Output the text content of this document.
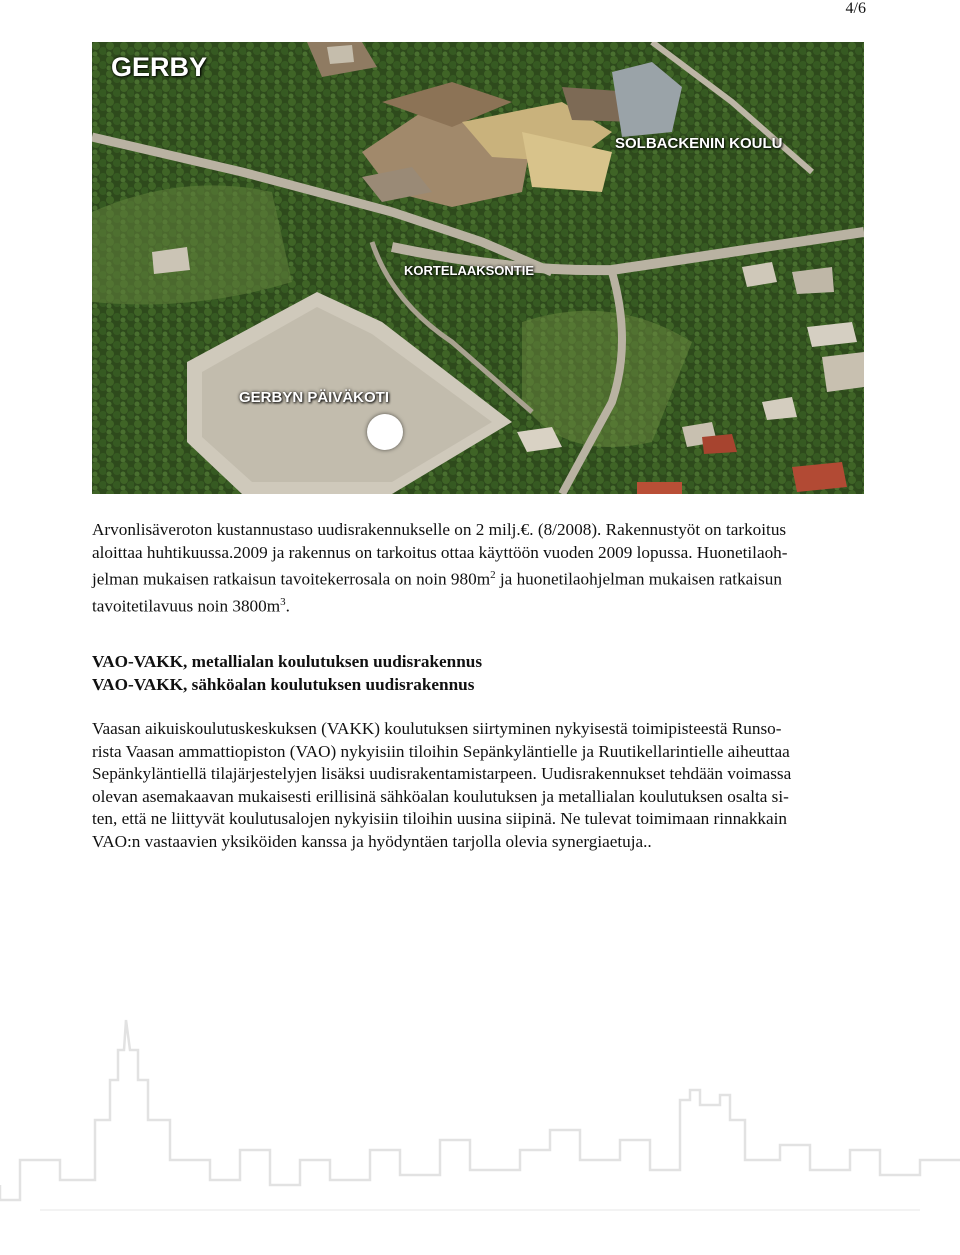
4/6
GERBY
SOLBACKENIN KOULU
KORTELAAKSONTIE
GERBYN PÄIVÄKOTI
Arvonlisäveroton kustannustaso uudisrakennukselle on 2 milj.€. (8/2008). Rakennustyöt on tarkoitus
aloittaa huhtikuussa.2009 ja rakennus on tarkoitus ottaa käyttöön vuoden 2009 lopussa. Huonetilaoh-
jelman mukaisen ratkaisun tavoitekerrosala on noin $980m^2$ ja huonetilaohjelman mukaisen ratkaisun
tavoitetilavuus noin $3800m^3$.
VAO-VAKK, metallialan koulutuksen uudisrakennus
VAO-VAKK, sähköalan koulutuksen uudisrakennus
Vaasan aikuiskoulutuskeskuksen (VAKK) koulutuksen siirtyminen nykyisestä toimipisteestä Runso-
rista Vaasan ammattiopiston (VAO) nykyisiin tiloihin Sepänkyläntielle ja Ruutikellarintielle aiheuttaa
Sepänkyläntiellä tilajärjestelyjen lisäksi uudisrakentamistarpeen. Uudisrakennukset tehdään voimassa
olevan asemakaavan mukaisesti erillisinä sähköalan koulutuksen ja metallialan koulutuksen osalta si-
ten, että ne liittyvät koulutusalojen nykyisiin tiloihin uusina siipinä. Ne tulevat toimimaan rinnakkain
VAO:n vastaavien yksiköiden kanssa ja hyödyntäen tarjolla olevia synergiaetuja..
